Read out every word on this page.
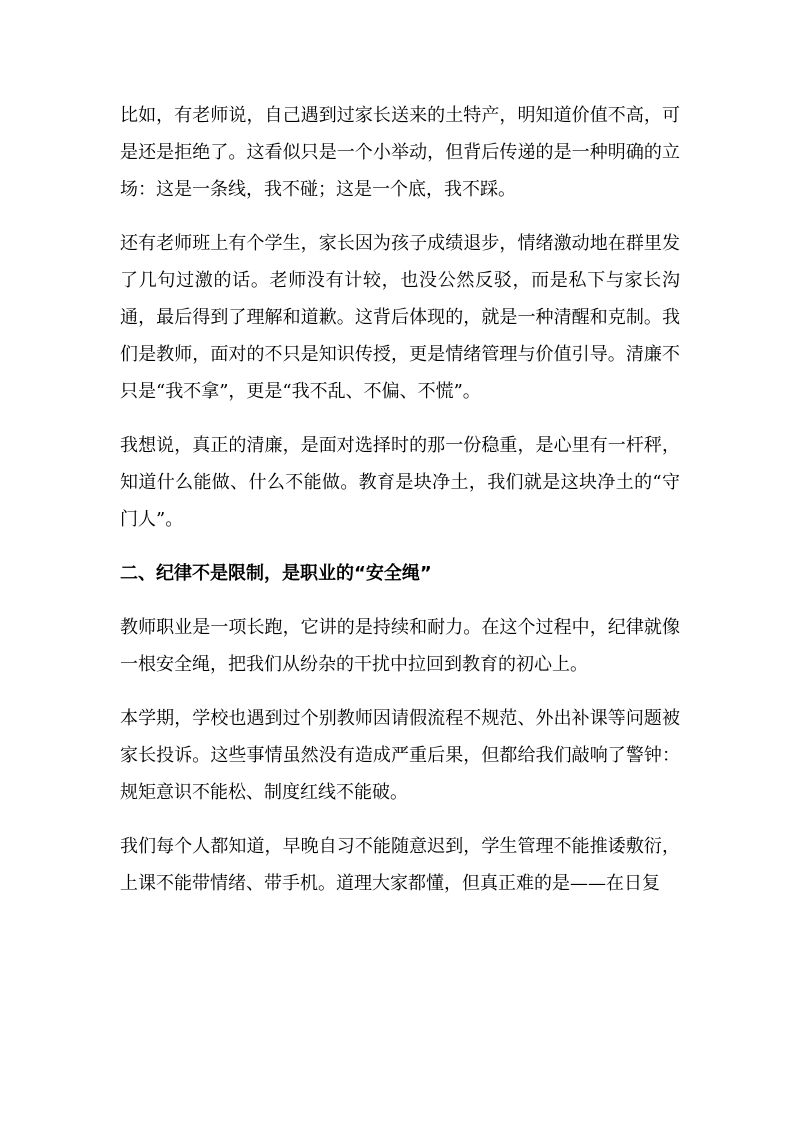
比如，有老师说，自己遇到过家长送来的土特产，明知道价值不高，可是还是拒绝了。这看似只是一个小举动，但背后传递的是一种明确的立场：这是一条线，我不碰；这是一个底，我不踩。

还有老师班上有个学生，家长因为孩子成绩退步，情绪激动地在群里发了几句过激的话。老师没有计较，也没公然反驳，而是私下与家长沟通，最后得到了理解和道歉。这背后体现的，就是一种清醒和克制。我们是教师，面对的不只是知识传授，更是情绪管理与价值引导。清廉不只是“我不拿”，更是“我不乱、不偏、不慌”。

我想说，真正的清廉，是面对选择时的那一份稳重，是心里有一杆秤，知道什么能做、什么不能做。教育是块净土，我们就是这块净土的“守门人”。

二、纪律不是限制，是职业的“安全绳”

教师职业是一项长跑，它讲的是持续和耐力。在这个过程中，纪律就像一根安全绳，把我们从纷杂的干扰中拉回到教育的初心上。

本学期，学校也遇到过个别教师因请假流程不规范、外出补课等问题被家长投诉。这些事情虽然没有造成严重后果，但都给我们敲响了警钟：规矩意识不能松、制度红线不能破。

我们每个人都知道，早晚自习不能随意迟到，学生管理不能推诿敷衍，上课不能带情绪、带手机。道理大家都懂，但真正难的是——在日复
